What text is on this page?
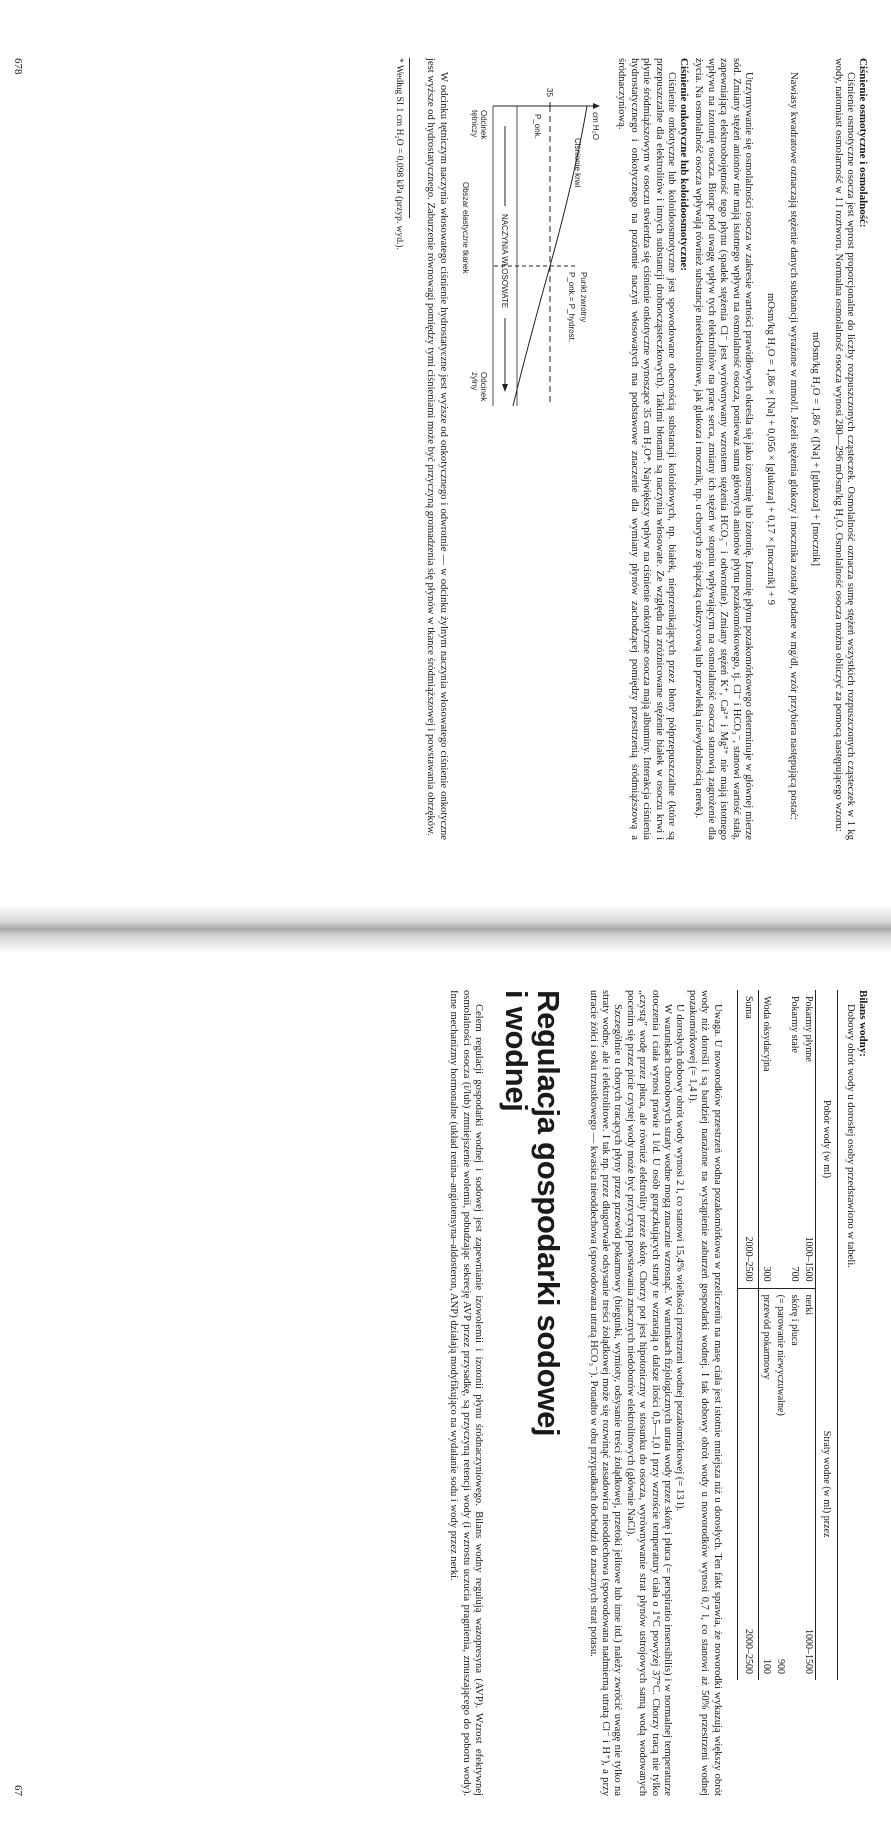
Ciśnienie osmotyczne i osmolalność:

Ciśnienie osmotyczne osocza jest wprost proporcjonalne do liczby rozpuszczonych cząsteczek. Osmolalność oznacza sumę stężeń wszystkich rozpuszczonych cząsteczek w 1 kg wody, natomiast osmolarność w 1 l roztworu. Normalna osmolalność osocza wynosi 280—296 mOsm/kg H₂O. Osmolalność osocza można obliczyć za pomocą następującego wzoru:

mOsm/kg H₂O = 1,86 × ([Na] + [glukoza] + [mocznik]

Nawiasy kwadratowe oznaczają stężenie danych substancji wyrażone w mmol/l. Jeżeli stężenia glukozy i mocznika zostały podane w mg/dl, wzór przybiera następującą postać:

mOsm/kg H₂O = 1,86 × [Na] + 0,056 × [glukoza] + 0,17 × [mocznik] + 9

Utrzymywanie się osmolalności osocza w zakresie wartości prawidłowych określa się jako izoosmię lub izotonię. Izotonię płynu pozakomórkowego determinuje w głównej mierze sód. Zmiany stężeń anionów nie mają istotnego wpływu na osmolalność osocza, ponieważ suma głównych anionów płynu pozakomórkowego, tj. Cl⁻ i HCO₃⁻, stanowi wartość stałą, zapewniającą elektroobojętność tego płynu (spadek stężenia Cl⁻ jest wyrównywany wzrostem stężenia HCO₃⁻ i odwrotnie). Zmiany stężeń K⁺, Ca²⁺ i Mg²⁺ nie mają istotnego wpływu na izotonię osocza. Biorąc pod uwagę wpływ tych elektrolitów na pracę serca, zmiany ich stężeń w stopniu wpływającym na osmolalność osocza stanowią zagrożenie dla życia. Na osmolalność osocza wpływają również substancje nieelektrolitowe, jak glukoza i mocznik, np. u chorych ze śpiączką cukrzycową lub przewlekłą niewydolnością nerek).

Ciśnienie onkotyczne lub koloidoosmotyczne:

Ciśnienie onkotyczne lub koloidoosmotyczne jest spowodowane obecnością substancji koloidowych, np. białek, nieprzenikających przez błony półprzepuszczalne (które są przepuszczalne dla elektrolitów i innych substancji drobnocząsteczkowych). Takimi błonami są naczynia włosowate. Ze względu na zróżnicowane stężenie białek w osoczu krwi i płynie śródmiąższowym w osoczu stwierdza się ciśnienie onkotyczne wynoszące 35 cm H₂O*. Największy wpływ na ciśnienie onkotyczne osocza mają albuminy. Interakcja ciśnienia hydrostatycznego i onkotycznego na poziomie naczyń włosowatych ma podstawowe znaczenie dla wymiany płynów zachodzącej pomiędzy przestrzenią śródmiąższową a śródnaczyniową.

cm H₂O
35
Ciśnienie krwi
Punkt zwrotny
P_onk.= P_hydrost.
P_onk.
NACZYNIA WŁOSOWATE
Odcinek
tętniczy
Odcinek
żylny
Obszar elastyczne tkanek

W odcinku tętniczym naczynia włosowatego ciśnienie hydrostatyczne jest wyższe od onkotycznego i odwrotnie — w odcinku żylnym naczynia włosowatego ciśnienie onkotyczne jest wyższe od hydrostatycznego. Zaburzenie równowagi pomiędzy tymi ciśnieniami może być przyczyną gromadzenia się płynów w tkance śródmiąższowej i powstawania obrzęków.

* Według SI 1 cm H₂O = 0,098 kPa (przyp. wyd.).

678

Bilans wodny:

Dobowy obrót wody u dorosłej osoby przedstawiono w tabeli.

Pobór wody (w ml)		Straty wodne (w ml) przez	
Pokarmy płynne	1000–1500	nerki	1000–1500
Pokarmy stałe	700	skórę i płuca	
		(= parowanie niewyczuwalne)	900
Woda oksydacyjna	300	przewód pokarmowy	100
Suma	2000–2500		2000–2500

Uwaga. U noworodków przestrzeń wodna pozakomórkowa w przeliczeniu na masę ciała jest istotnie mniejsza niż u dorosłych. Ten fakt sprawia, że noworodki wykazują większy obrót wody niż dorośli i są bardziej narażone na wystąpienie zaburzeń gospodarki wodnej. I tak dobowy obrót wody u noworodków wynosi 0,7 l, co stanowi aż 50% przestrzeni wodnej pozakomórkowej (= 1,4 l).

U dorosłych dobowy obrót wody wynosi 2 l, co stanowi 15,4% wielkości przestrzeni wodnej pozakomórkowej (= 13 l).

W warunkach chorobowych straty wodne mogą znacznie wzrosnąć. W warunkach fizjologicznych utrata wody przez skórę i płuca (= perspiratio insensibilis) i w normalnej temperaturze otoczenia i ciała wynosi prawie 1 l/d. U osób gorączkujących straty te wzrastają o dalsze ilości 0,5—1,0 l przy wzroście temperatury ciała o 1°C powyżej 37°C. Chorzy tracą nie tylko „czystą” wodę przez płuca, ale również elektrolity przez skórę. Chorzy pot jest hipotoniczny w stosunku do osocza, wyrównywanie strat płynów ustrojowych samą wodą wodowanych pocenim się przez picie czystej wody może być przyczyną powstawania znacznych niedoborów elektrolitowych (głównie NaCl).

Szczególnie u chorych tracących płyny przez przewód pokarmowy (biegunki, wymioty, odsysanie treści żołądkowej, przetoki jelitowe lub inne itd.) należy zwrócić uwagę nie tylko na straty wodne, ale i elektrolitowe. I tak np. przez długotrwałe odsysanie treści żołądkowej może się rozwinąć zasadowica nieoddechowa (spowodowana nadmierną utratą Cl⁻ i H⁺), a przy utracie żółci i soku trzustkowego — kwasica nieoddechowa (spowodowana utratą HCO₃⁻). Ponadto w obu przypadkach dochodzi do znacznych strat potasu.

Regulacja gospodarki sodowej
i wodnej

Celem regulacji gospodarki wodnej i sodowej jest zapewnianie izowolemii i izotonii płynu śródnaczyniowego. Bilans wodny regulują wazopresyna (AVP). Wzrost efektywnej osmolalności osocza (i/lub) zmniejszenie wolemii, pobudzając sekrecję AVP przez przysadkę, są przyczyną retencji wody (i wzrostu uczucia pragnienia, zmuszającego do poboru wody). Inne mechanizmy hormonalne (układ renina–angiotensyna–aldosteron, ANP) działają modyfikująco na wydalanie sodu i wody przez nerki.

67
